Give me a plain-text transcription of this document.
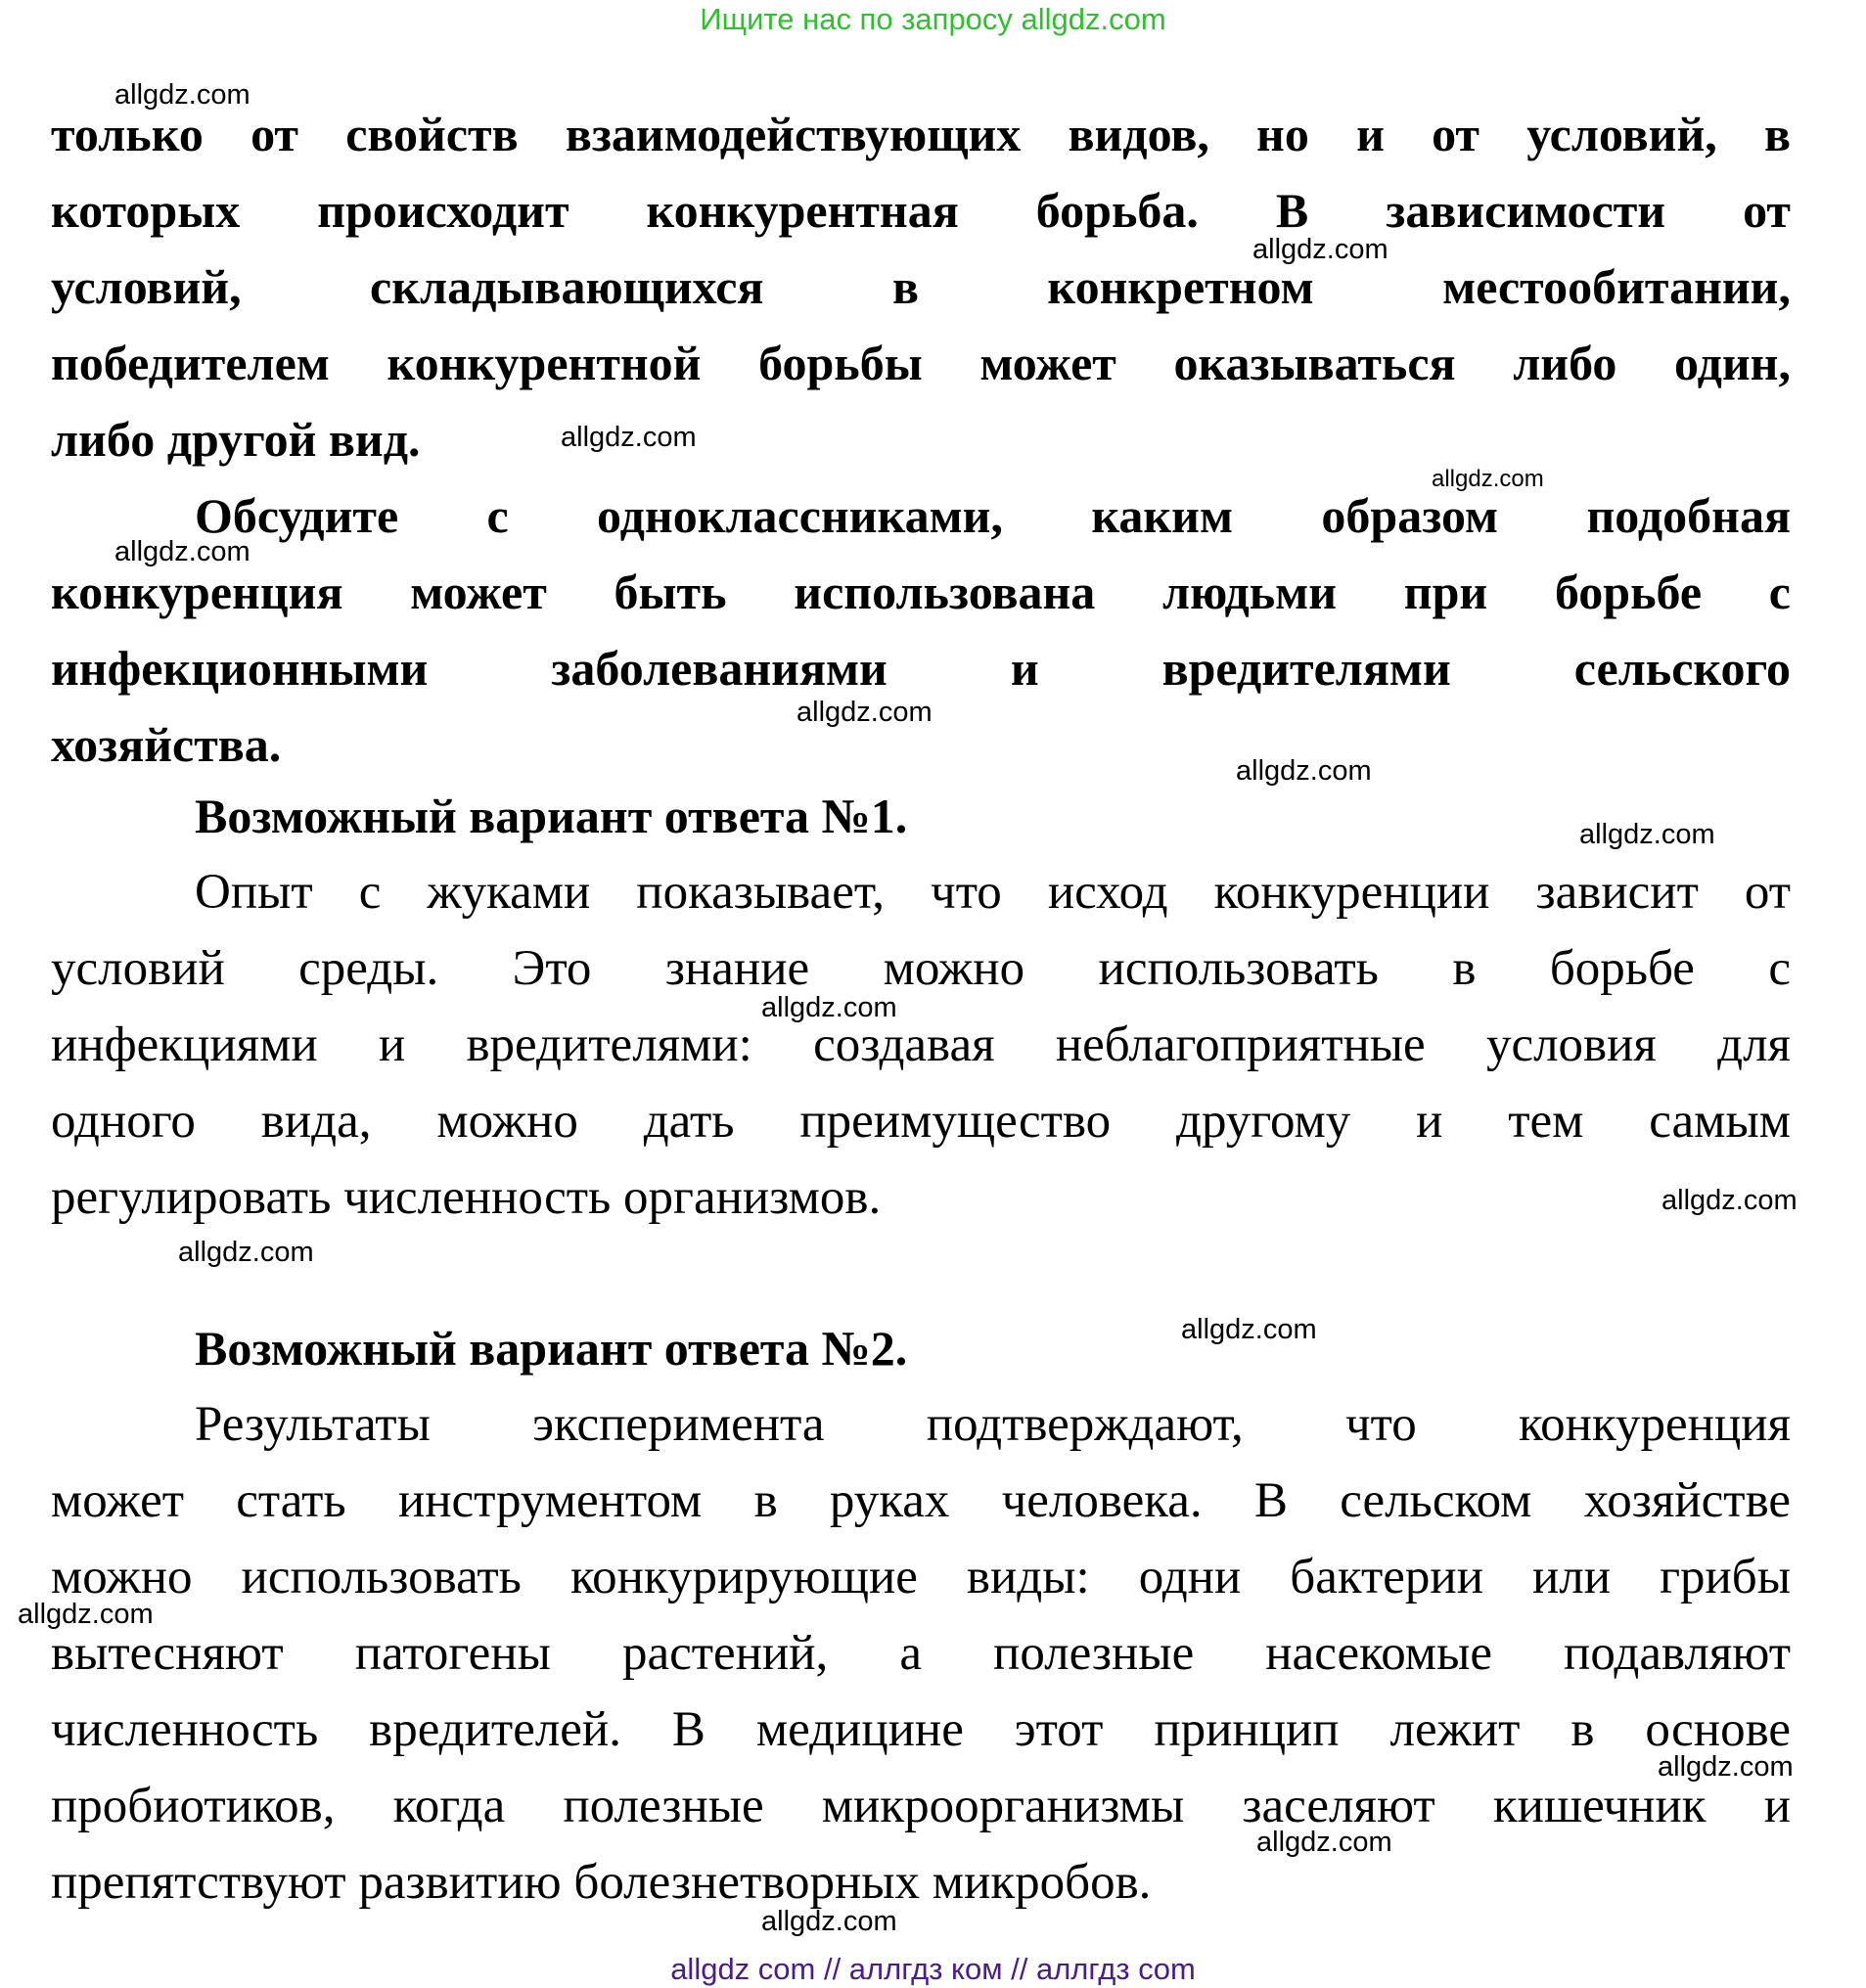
Ищите нас по запросу allgdz.com
только от свойств взаимодействующих видов, но и от условий, в
которых происходит конкурентная борьба. В зависимости от
условий, складывающихся в конкретном местообитании,
победителем конкурентной борьбы может оказываться либо один,
либо другой вид.
Обсудите с одноклассниками, каким образом подобная
конкуренция может быть использована людьми при борьбе с
инфекционными заболеваниями и вредителями сельского
хозяйства.
Возможный вариант ответа №1.
Опыт с жуками показывает, что исход конкуренции зависит от
условий среды. Это знание можно использовать в борьбе с
инфекциями и вредителями: создавая неблагоприятные условия для
одного вида, можно дать преимущество другому и тем самым
регулировать численность организмов.
Возможный вариант ответа №2.
Результаты эксперимента подтверждают, что конкуренция
может стать инструментом в руках человека. В сельском хозяйстве
можно использовать конкурирующие виды: одни бактерии или грибы
вытесняют патогены растений, а полезные насекомые подавляют
численность вредителей. В медицине этот принцип лежит в основе
пробиотиков, когда полезные микроорганизмы заселяют кишечник и
препятствуют развитию болезнетворных микробов.
allgdz.com
allgdz.com
allgdz.com
allgdz.com
allgdz.com
allgdz.com
allgdz.com
allgdz.com
allgdz.com
allgdz.com
allgdz.com
allgdz.com
allgdz.com
allgdz.com
allgdz.com
allgdz.com
allgdz com // аллгдз ком // аллгдз com
